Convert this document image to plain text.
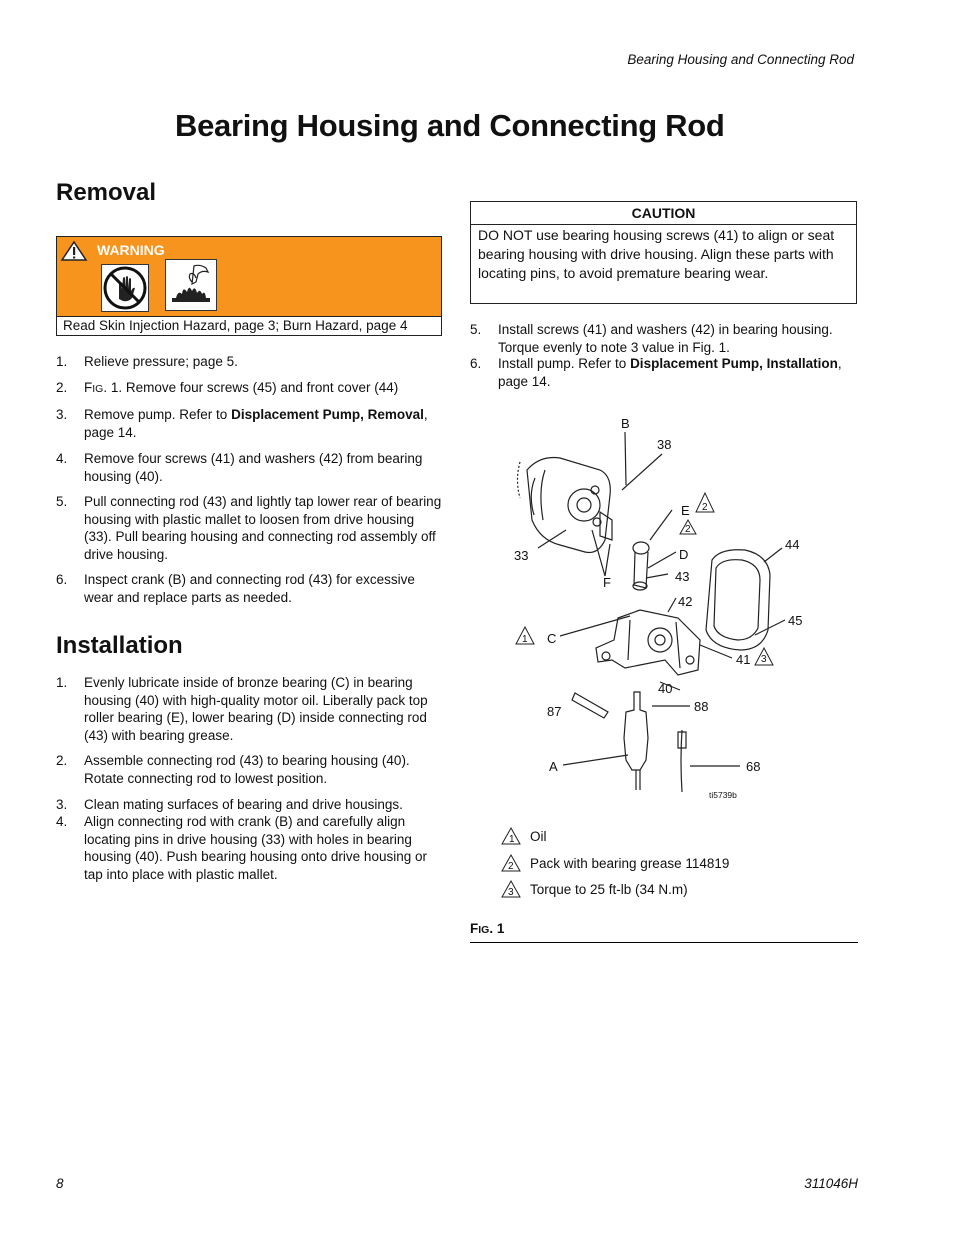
Bearing Housing and Connecting Rod
Bearing Housing and Connecting Rod
Removal
WARNING
Read Skin Injection Hazard, page 3; Burn Hazard, page 4
1.	Relieve pressure; page 5.
2.	FIG. 1. Remove four screws (45) and front cover (44)
3.	Remove pump. Refer to Displacement Pump, Removal, page 14.
4.	Remove four screws (41) and washers (42) from bearing housing (40).
5.	Pull connecting rod (43) and lightly tap lower rear of bearing housing with plastic mallet to loosen from drive housing (33). Pull bearing housing and connecting rod assembly off drive housing.
6.	Inspect crank (B) and connecting rod (43) for excessive wear and replace parts as needed.
Installation
1.	Evenly lubricate inside of bronze bearing (C) in bearing housing (40) with high-quality motor oil. Liberally pack top roller bearing (E), lower bearing (D) inside connecting rod (43) with bearing grease.
2.	Assemble connecting rod (43) to bearing housing (40). Rotate connecting rod to lowest position.
3.	Clean mating surfaces of bearing and drive housings.
4.	Align connecting rod with crank (B) and carefully align locating pins in drive housing (33) with holes in bearing housing (40). Push bearing housing onto drive housing or tap into place with plastic mallet.
CAUTION
DO NOT use bearing housing screws (41) to align or seat bearing housing with drive housing. Align these parts with locating pins, to avoid premature bearing wear.
5.	Install screws (41) and washers (42) in bearing housing. Torque evenly to note 3 value in Fig. 1.
6.	Install pump. Refer to Displacement Pump, Installation, page 14.
B
38
E 2
2
44
33	D
43
F
42
45
1 C
41 3
40
87	88
A	68
ti5739b
1 Oil
2 Pack with bearing grease 114819
3 Torque to 25 ft-lb (34 N.m)
FIG. 1
8	311046H
